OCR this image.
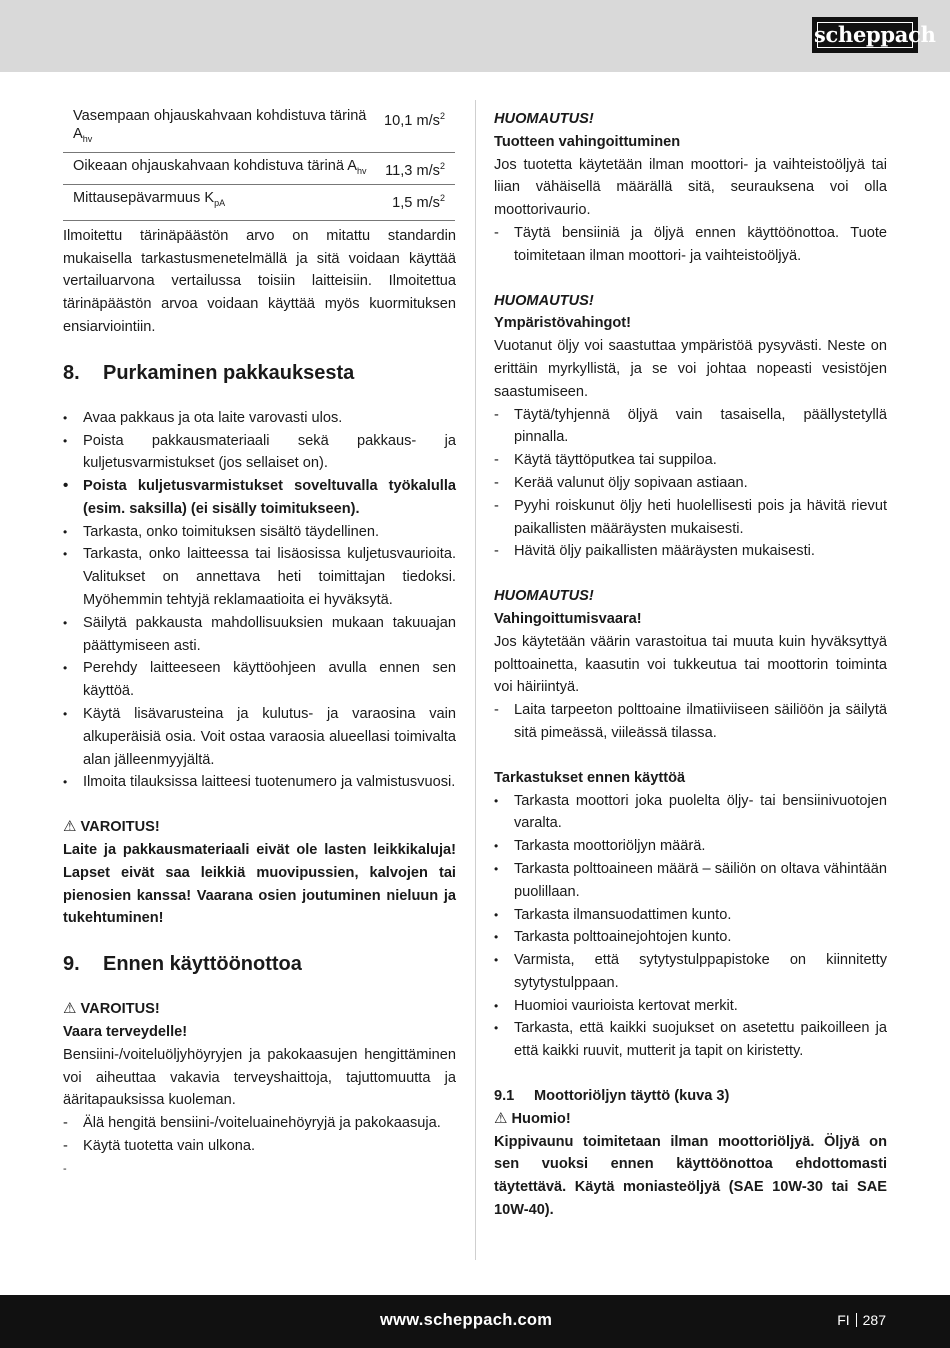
scheppach
Vasempaan ohjauskahvaan kohdistuva tärinä $A_{hv}$	10,1 $m/s^2$
Oikeaan ohjauskahvaan kohdistuva tärinä $A_{hv}$	11,3 $m/s^2$
Mittausepävarmuus $K_{pA}$	1,5 $m/s^2$

Ilmoitettu tärinäpäästön arvo on mitattu standardin mukaisella tarkastusmenetelmällä ja sitä voidaan käyttää vertailuarvona vertailussa toisiin laitteisiin. Ilmoitettua tärinäpäästön arvoa voidaan käyttää myös kuormituksen ensiarviointiin.

8. Purkaminen pakkauksesta
• Avaa pakkaus ja ota laite varovasti ulos.
• Poista pakkausmateriaali sekä pakkaus- ja kuljetusvarmistukset (jos sellaiset on).
• Poista kuljetusvarmistukset soveltuvalla työkalulla (esim. saksilla) (ei sisälly toimitukseen).
• Tarkasta, onko toimituksen sisältö täydellinen.
• Tarkasta, onko laitteessa tai lisäosissa kuljetusvaurioita. Valitukset on annettava heti toimittajan tiedoksi. Myöhemmin tehtyjä reklamaatioita ei hyväksytä.
• Säilytä pakkausta mahdollisuuksien mukaan takuuajan päättymiseen asti.
• Perehdy laitteeseen käyttöohjeen avulla ennen sen käyttöä.
• Käytä lisävarusteina ja kulutus- ja varaosina vain alkuperäisiä osia. Voit ostaa varaosia alueellasi toimivalta alan jälleenmyyjältä.
• Ilmoita tilauksissa laitteesi tuotenumero ja valmistusvuosi.

⚠ VAROITUS!

Laite ja pakkausmateriaali eivät ole lasten leikkikaluja! Lapset eivät saa leikkiä muovipussien, kalvojen tai pienosien kanssa! Vaarana osien joutuminen nieluun ja tukehtuminen!

9. Ennen käyttöönottoa

⚠ VAROITUS!

Vaara terveydelle!

Bensiini-/voiteluöljyhöyryjen ja pakokaasujen hengittäminen voi aiheuttaa vakavia terveyshaittoja, tajuttomuutta ja ääritapauksissa kuoleman.

- Älä hengitä bensiini-/voiteluainehöyryjä ja pakokaasuja.
- Käytä tuotetta vain ulkona.

-

HUOMAUTUS!

Tuotteen vahingoittuminen

Jos tuotetta käytetään ilman moottori- ja vaihteistoöljyä tai liian vähäisellä määrällä sitä, seurauksena voi olla moottorivaurio.

- Täytä bensiiniä ja öljyä ennen käyttöönottoa. Tuote toimitetaan ilman moottori- ja vaihteistoöljyä.

HUOMAUTUS!

Ympäristövahingot!

Vuotanut öljy voi saastuttaa ympäristöä pysyvästi. Neste on erittäin myrkyllistä, ja se voi johtaa nopeasti vesistöjen saastumiseen.

- Täytä/tyhjennä öljyä vain tasaisella, päällystetyllä pinnalla.
- Käytä täyttöputkea tai suppiloa.
- Kerää valunut öljy sopivaan astiaan.
- Pyyhi roiskunut öljy heti huolellisesti pois ja hävitä rievut paikallisten määräysten mukaisesti.
- Hävitä öljy paikallisten määräysten mukaisesti.

HUOMAUTUS!

Vahingoittumisvaara!

Jos käytetään väärin varastoitua tai muuta kuin hyväksyttyä polttoainetta, kaasutin voi tukkeutua tai moottorin toiminta voi häiriintyä.

- Laita tarpeeton polttoaine ilmatiiviiseen säiliöön ja säilytä sitä pimeässä, viileässä tilassa.

Tarkastukset ennen käyttöä

• Tarkasta moottori joka puolelta öljy- tai bensiinivuotojen varalta.
• Tarkasta moottoriöljyn määrä.
• Tarkasta polttoaineen määrä – säiliön on oltava vähintään puolillaan.
• Tarkasta ilmansuodattimen kunto.
• Tarkasta polttoainejohtojen kunto.
• Varmista, että sytytystulppapistoke on kiinnitetty sytytystulppaan.
• Huomioi vaurioista kertovat merkit.
• Tarkasta, että kaikki suojukset on asetettu paikoilleen ja että kaikki ruuvit, mutterit ja tapit on kiristetty.

9.1 Moottoriöljyn täyttö (kuva 3)

⚠ Huomio!

Kippivaunu toimitetaan ilman moottoriöljyä. Öljyä on sen vuoksi ennen käyttöönottoa ehdottomasti täytettävä. Käytä moniasteöljyä (SAE 10W-30 tai SAE 10W-40).

www.scheppach.com	FI 287
